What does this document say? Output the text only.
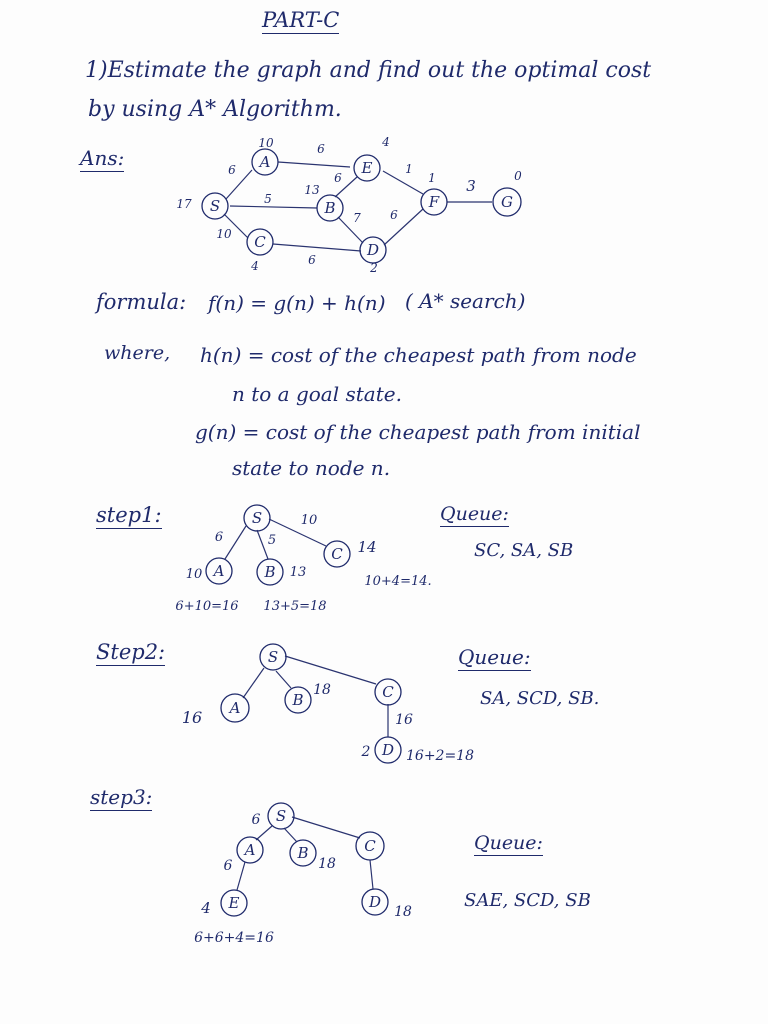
PART-C
1)Estimate the graph and find out the optimal cost
by using A* Algorithm.
Ans:
S
A	E
B
C	D
F	G
17
10
13
4	2
4
1	0
6
6
5
10
6
7
6
1
6
3
formula: f(n) = g(n) + h(n) ( A* search)
where, h(n) = cost of the cheapest path from node
n to a goal state.
g(n) = cost of the cheapest path from initial
state to node n.
step1:	S
A	B
C
6	5
10
10	13
14
6+10=16 13+5=18
10+4=14.
Queue:
SC, SA, SB
Step2:	S
A	B	C
D
16
18
16
2	16+2=18
Queue:
SA, SCD, SB.
step3:
S
A	B	C
E	D
6
6	18
4	18
6+6+4=16
Queue:
SAE, SCD, SB
